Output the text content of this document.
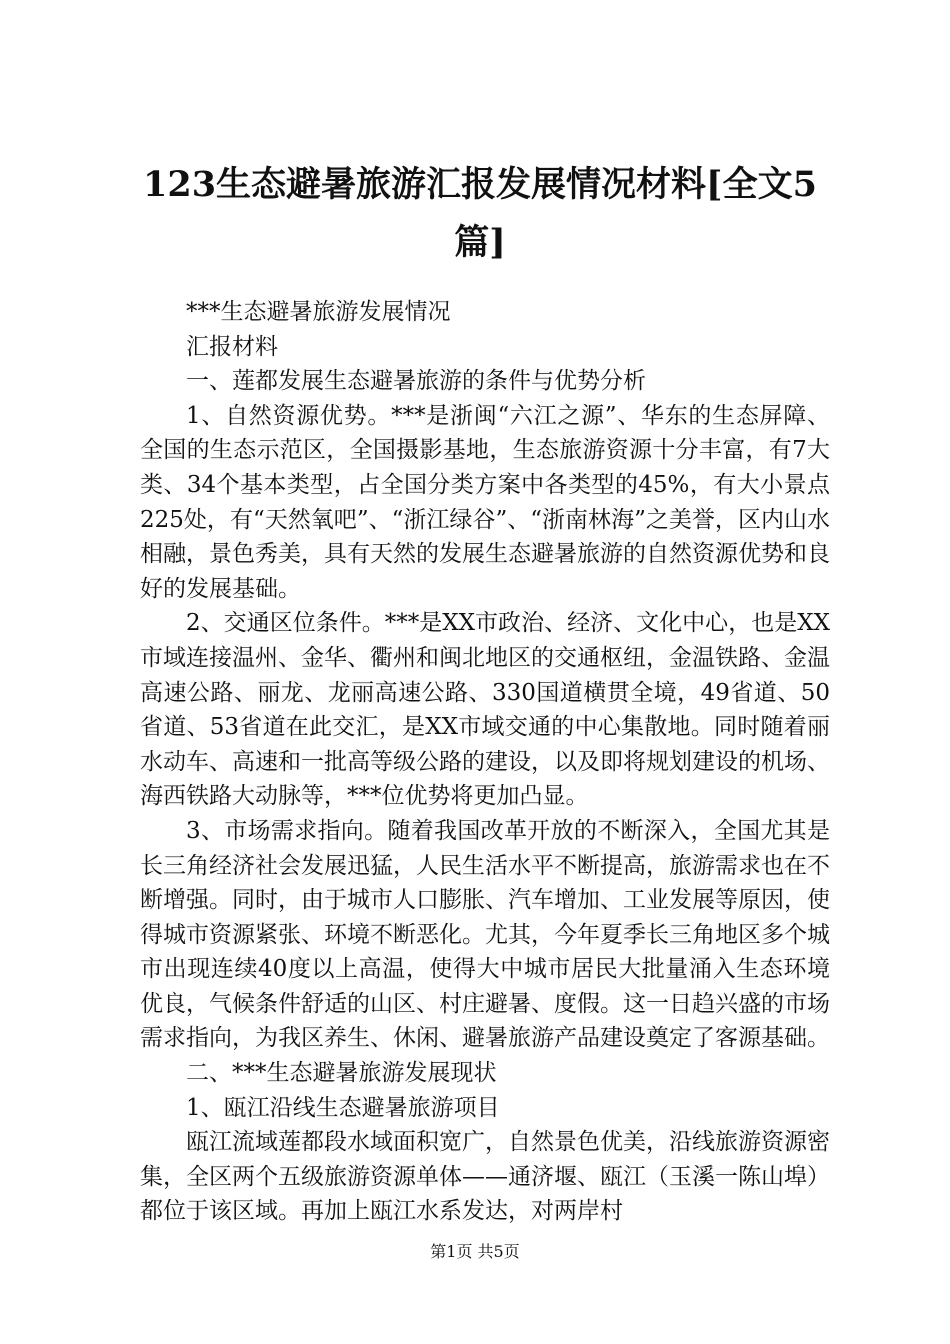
123生态避暑旅游汇报发展情况材料[全文5篇]

***生态避暑旅游发展情况

汇报材料

一、莲都发展生态避暑旅游的条件与优势分析

1、自然资源优势。***是浙闽“六江之源”、华东的生态屏障、全国的生态示范区，全国摄影基地，生态旅游资源十分丰富，有7大类、34个基本类型，占全国分类方案中各类型的45%，有大小景点225处，有“天然氧吧”、“浙江绿谷”、“浙南林海”之美誉，区内山水相融，景色秀美，具有天然的发展生态避暑旅游的自然资源优势和良好的发展基础。

2、交通区位条件。***是XX市政治、经济、文化中心，也是XX市域连接温州、金华、衢州和闽北地区的交通枢纽，金温铁路、金温高速公路、丽龙、龙丽高速公路、330国道横贯全境，49省道、50省道、53省道在此交汇，是XX市域交通的中心集散地。同时随着丽水动车、高速和一批高等级公路的建设，以及即将规划建设的机场、海西铁路大动脉等，***位优势将更加凸显。

3、市场需求指向。随着我国改革开放的不断深入，全国尤其是长三角经济社会发展迅猛，人民生活水平不断提高，旅游需求也在不断增强。同时，由于城市人口膨胀、汽车增加、工业发展等原因，使得城市资源紧张、环境不断恶化。尤其，今年夏季长三角地区多个城市出现连续40度以上高温，使得大中城市居民大批量涌入生态环境优良，气候条件舒适的山区、村庄避暑、度假。这一日趋兴盛的市场需求指向，为我区养生、休闲、避暑旅游产品建设奠定了客源基础。

二、***生态避暑旅游发展现状

1、瓯江沿线生态避暑旅游项目

瓯江流域莲都段水域面积宽广，自然景色优美，沿线旅游资源密集，全区两个五级旅游资源单体——通济堰、瓯江（玉溪一陈山埠）都位于该区域。再加上瓯江水系发达，对两岸村

第1页 共5页
